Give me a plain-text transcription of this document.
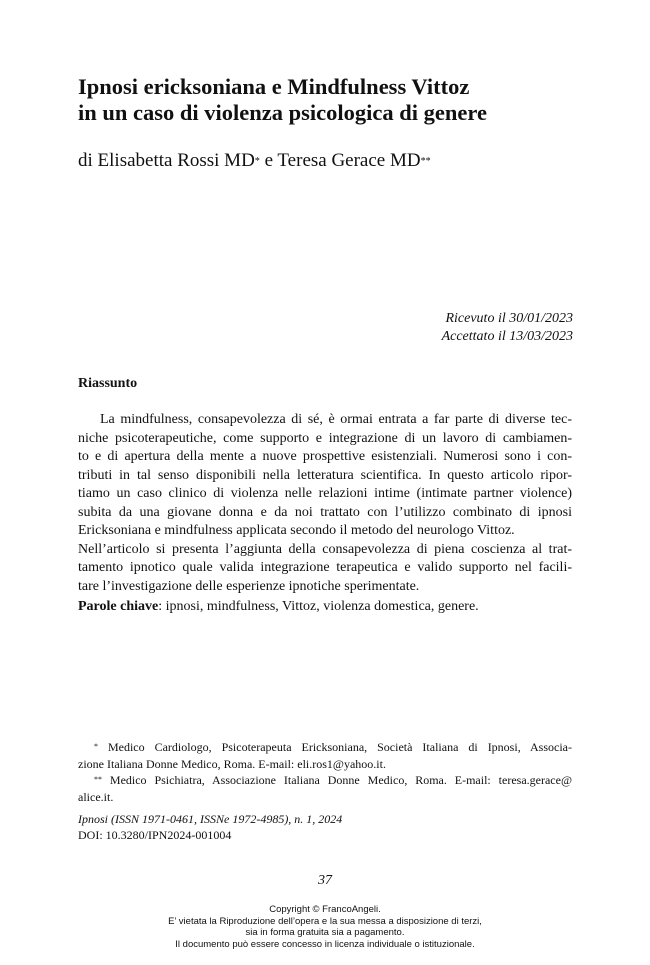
Ipnosi ericksoniana e Mindfulness Vittoz
in un caso di violenza psicologica di genere
di Elisabetta Rossi MD* e Teresa Gerace MD**
Ricevuto il 30/01/2023
Accettato il 13/03/2023
Riassunto
La mindfulness, consapevolezza di sé, è ormai entrata a far parte di diverse tec-
niche psicoterapeutiche, come supporto e integrazione di un lavoro di cambiamen-
to e di apertura della mente a nuove prospettive esistenziali. Numerosi sono i con-
tributi in tal senso disponibili nella letteratura scientifica. In questo articolo ripor-
tiamo un caso clinico di violenza nelle relazioni intime (intimate partner violence)
subita da una giovane donna e da noi trattato con l’utilizzo combinato di ipnosi
Ericksoniana e mindfulness applicata secondo il metodo del neurologo Vittoz.
Nell’articolo si presenta l’aggiunta della consapevolezza di piena coscienza al trat-
tamento ipnotico quale valida integrazione terapeutica e valido supporto nel facili-
tare l’investigazione delle esperienze ipnotiche sperimentate.
Parole chiave: ipnosi, mindfulness, Vittoz, violenza domestica, genere.
* Medico Cardiologo, Psicoterapeuta Ericksoniana, Società Italiana di Ipnosi, Associa-
zione Italiana Donne Medico, Roma. E-mail: eli.ros1@yahoo.it.
** Medico Psichiatra, Associazione Italiana Donne Medico, Roma. E-mail: teresa.gerace@
alice.it.
Ipnosi (ISSN 1971-0461, ISSNe 1972-4985), n. 1, 2024
DOI: 10.3280/IPN2024-001004
37
Copyright © FrancoAngeli.
E’ vietata la Riproduzione dell’opera e la sua messa a disposizione di terzi,
sia in forma gratuita sia a pagamento.
Il documento può essere concesso in licenza individuale o istituzionale.
